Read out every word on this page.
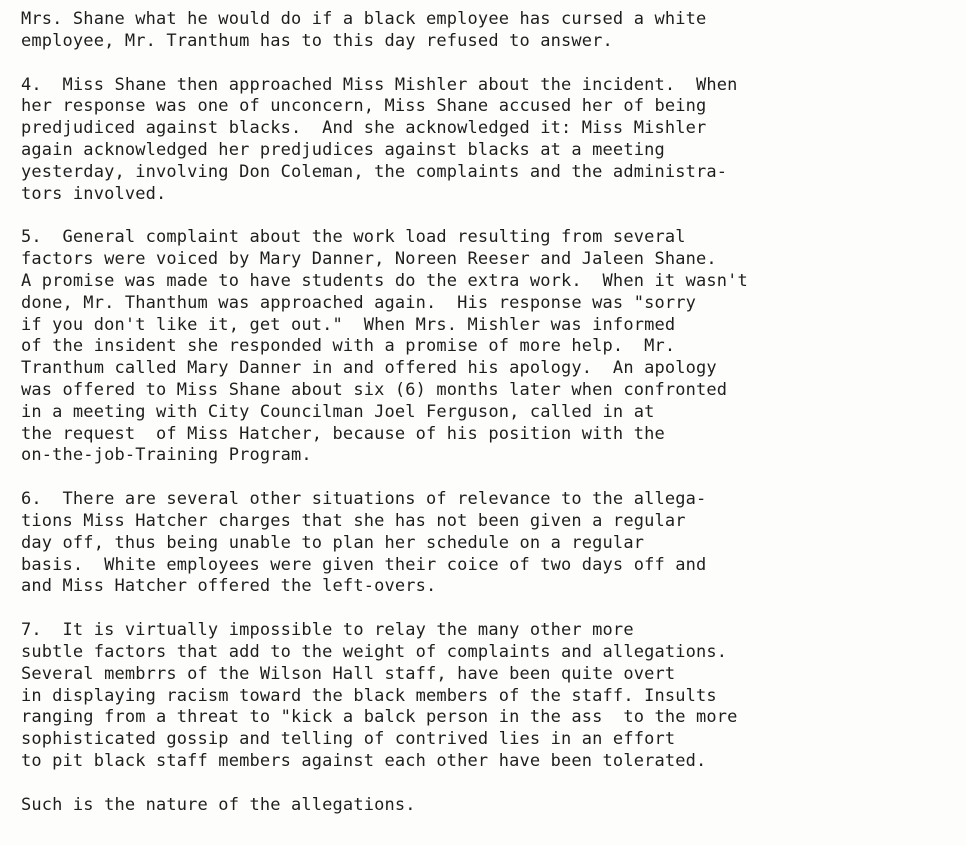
Mrs. Shane what he would do if a black employee has cursed a white
employee, Mr. Tranthum has to this day refused to answer.
4.  Miss Shane then approached Miss Mishler about the incident.  When
her response was one of unconcern, Miss Shane accused her of being
predjudiced against blacks.  And she acknowledged it: Miss Mishler
again acknowledged her predjudices against blacks at a meeting
yesterday, involving Don Coleman, the complaints and the administra-
tors involved.
5.  General complaint about the work load resulting from several
factors were voiced by Mary Danner, Noreen Reeser and Jaleen Shane.
A promise was made to have students do the extra work.  When it wasn't
done, Mr. Thanthum was approached again.  His response was "sorry
if you don't like it, get out."  When Mrs. Mishler was informed
of the insident she responded with a promise of more help.  Mr.
Tranthum called Mary Danner in and offered his apology.  An apology
was offered to Miss Shane about six (6) months later when confronted
in a meeting with City Councilman Joel Ferguson, called in at
the request  of Miss Hatcher, because of his position with the
on-the-job-Training Program.
6.  There are several other situations of relevance to the allega-
tions Miss Hatcher charges that she has not been given a regular
day off, thus being unable to plan her schedule on a regular
basis.  White employees were given their coice of two days off and
and Miss Hatcher offered the left-overs.
7.  It is virtually impossible to relay the many other more
subtle factors that add to the weight of complaints and allegations.
Several membrrs of the Wilson Hall staff, have been quite overt
in displaying racism toward the black members of the staff. Insults
ranging from a threat to "kick a balck person in the ass  to the more
sophisticated gossip and telling of contrived lies in an effort
to pit black staff members against each other have been tolerated.
Such is the nature of the allegations.
